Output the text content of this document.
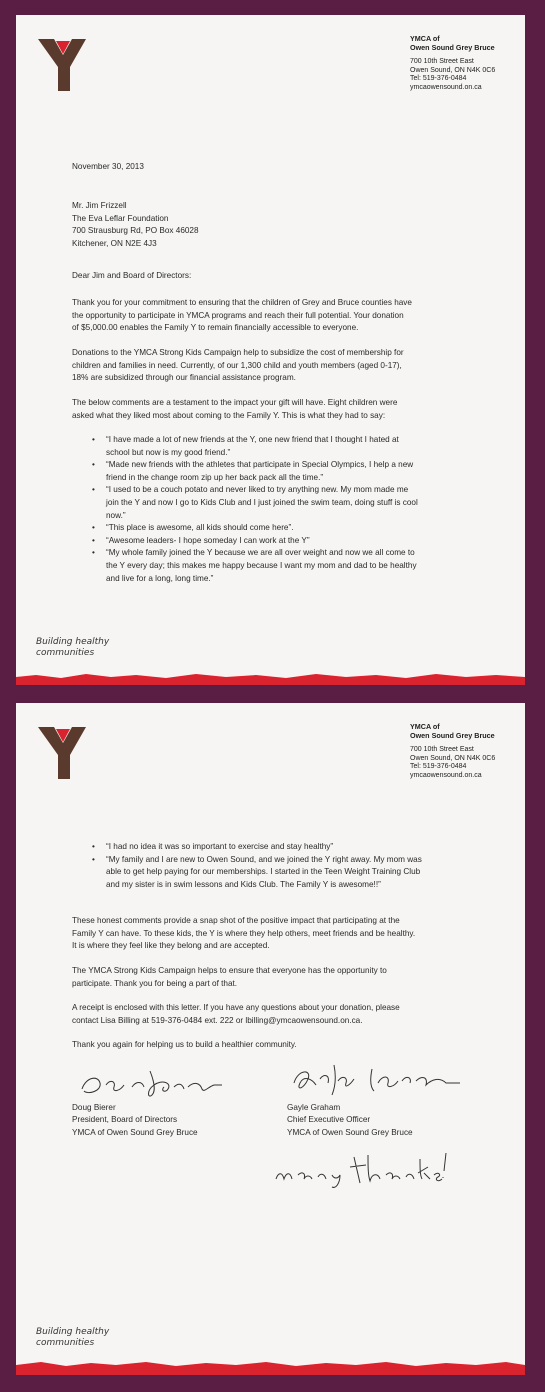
YMCA of
Owen Sound Grey Bruce
700 10th Street East
Owen Sound, ON N4K 0C6
Tel: 519-376-0484
ymcaowensound.on.ca
November 30, 2013
Mr. Jim Frizzell
The Eva Leflar Foundation
700 Strausburg Rd, PO Box 46028
Kitchener, ON N2E 4J3
Dear Jim and Board of Directors:
Thank you for your commitment to ensuring that the children of Grey and Bruce counties have
the opportunity to participate in YMCA programs and reach their full potential. Your donation
of $5,000.00 enables the Family Y to remain financially accessible to everyone.
Donations to the YMCA Strong Kids Campaign help to subsidize the cost of membership for
children and families in need. Currently, of our 1,300 child and youth members (aged 0-17),
18% are subsidized through our financial assistance program.
The below comments are a testament to the impact your gift will have. Eight children were
asked what they liked most about coming to the Family Y. This is what they had to say:
• “I have made a lot of new friends at the Y, one new friend that I thought I hated at
school but now is my good friend.”
• “Made new friends with the athletes that participate in Special Olympics, I help a new
friend in the change room zip up her back pack all the time.”
• “I used to be a couch potato and never liked to try anything new. My mom made me
join the Y and now I go to Kids Club and I just joined the swim team, doing stuff is cool
now.”
• “This place is awesome, all kids should come here”.
• “Awesome leaders- I hope someday I can work at the Y”
• “My whole family joined the Y because we are all over weight and now we all come to
the Y every day; this makes me happy because I want my mom and dad to be healthy
and live for a long, long time.”
Building healthy
communities
YMCA of
Owen Sound Grey Bruce
700 10th Street East
Owen Sound, ON N4K 0C6
Tel: 519-376-0484
ymcaowensound.on.ca
• “I had no idea it was so important to exercise and stay healthy”
• “My family and I are new to Owen Sound, and we joined the Y right away. My mom was
able to get help paying for our memberships. I started in the Teen Weight Training Club
and my sister is in swim lessons and Kids Club. The Family Y is awesome!!”
These honest comments provide a snap shot of the positive impact that participating at the
Family Y can have. To these kids, the Y is where they help others, meet friends and be healthy.
It is where they feel like they belong and are accepted.
The YMCA Strong Kids Campaign helps to ensure that everyone has the opportunity to
participate. Thank you for being a part of that.
A receipt is enclosed with this letter. If you have any questions about your donation, please
contact Lisa Billing at 519-376-0484 ext. 222 or lbilling@ymcaowensound.on.ca.
Thank you again for helping us to build a healthier community.
Doug Bierer
President, Board of Directors
YMCA of Owen Sound Grey Bruce
Gayle Graham
Chief Executive Officer
YMCA of Owen Sound Grey Bruce
Building healthy
communities
